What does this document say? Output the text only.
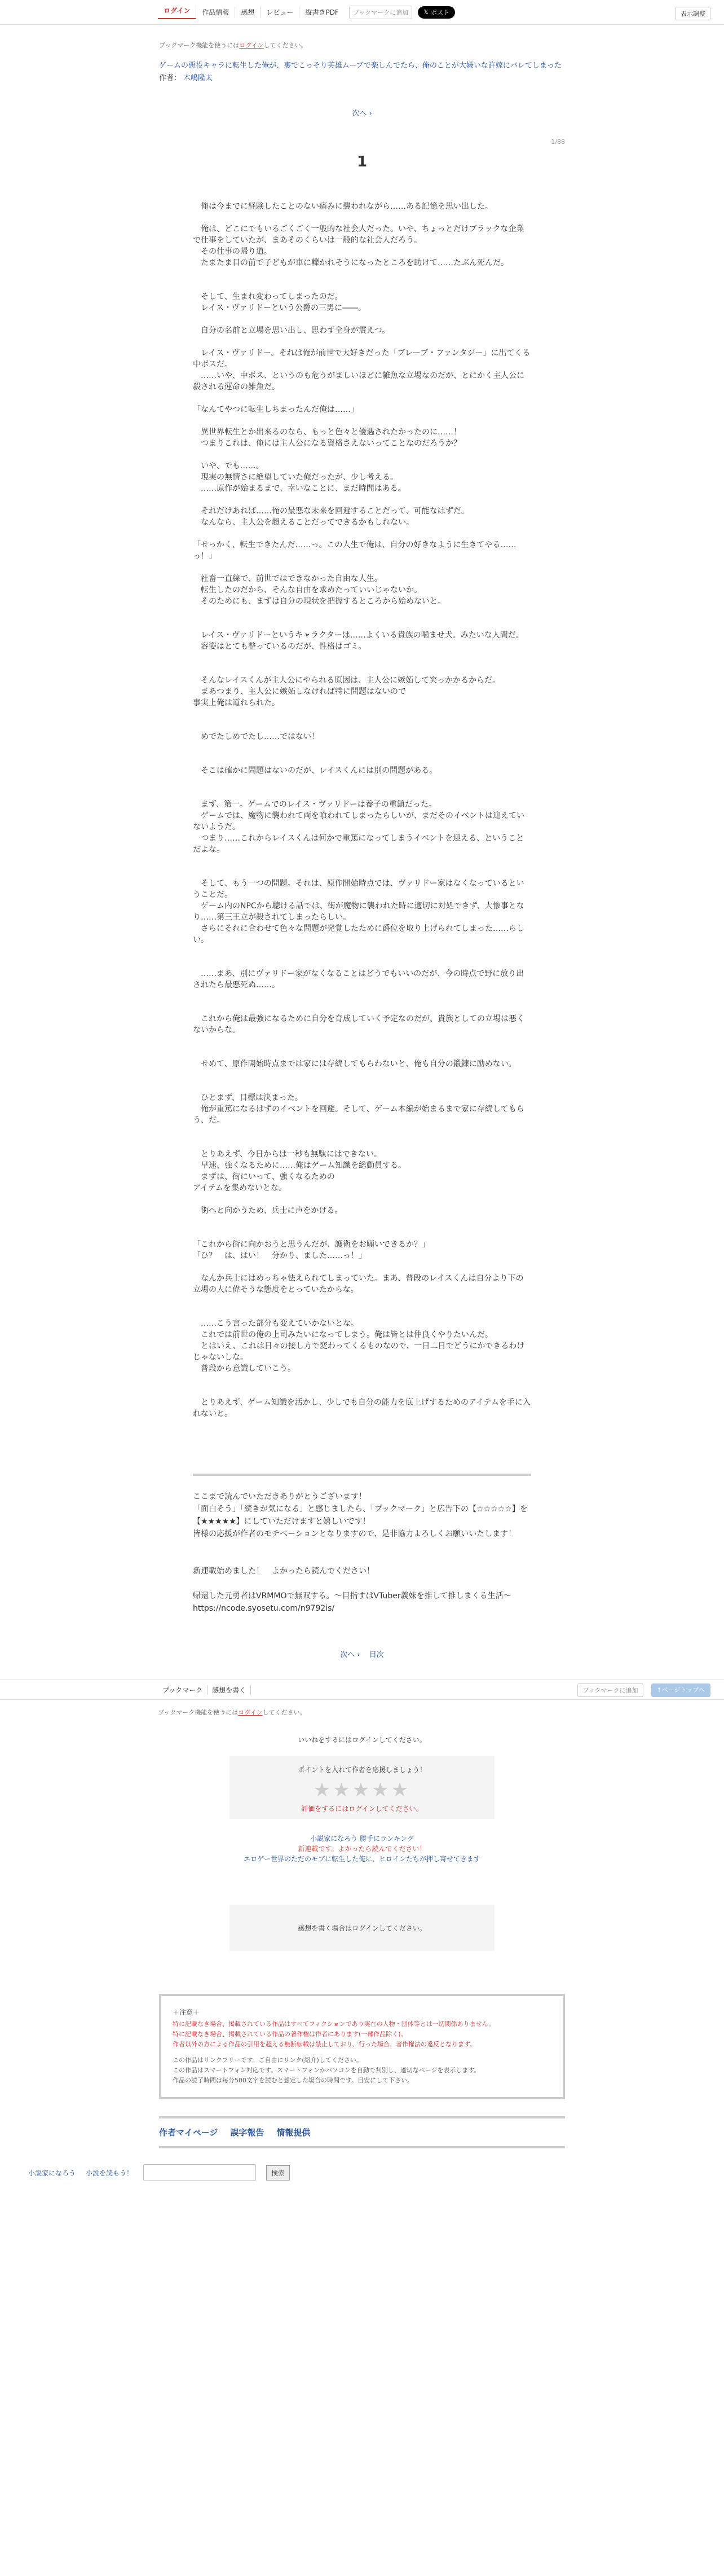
ログイン	作品情報	感想	レビュー	縦書きPDF	ブックマークに追加	𝕏 ポスト	表示調整
ブックマーク機能を使うにはログインしてください。
ゲームの悪役キャラに転生した俺が、裏でこっそり英雄ムーブで楽しんでたら、俺のことが大嫌いな許嫁にバレてしまった
作者： 木嶋隆太
次へ ›
1/88
1

　俺は今までに経験したことのない痛みに襲われながら……ある記憶を思い出した。

　俺は、どこにでもいるごくごく一般的な社会人だった。いや、ちょっとだけブラックな企業で仕事をしていたが、まあそのくらいは一般的な社会人だろう。

　その仕事の帰り道。

　たまたま目の前で子どもが車に轢かれそうになったところを助けて……たぶん死んだ。

　そして、生まれ変わってしまったのだ。

　レイス・ヴァリドーという公爵の三男に――。

　自分の名前と立場を思い出し、思わず全身が震えつ。

　レイス・ヴァリドー。それは俺が前世で大好きだった「ブレーブ・ファンタジー」に出てくる中ボスだ。

　……いや、中ボス、というのも危うがましいほどに雑魚な立場なのだが、とにかく主人公に殺される運命の雑魚だ。

「なんてやつに転生しちまったんだ俺は……」

　異世界転生とか出来るのなら、もっと色々と優遇されたかったのに……！

　つまりこれは、俺には主人公になる資格さえないってことなのだろうか？

　いや、でも……。

　現実の無情さに絶望していた俺だったが、少し考える。

　……原作が始まるまで、幸いなことに、まだ時間はある。

　それだけあれば……俺の最悪な未来を回避することだって、可能なはずだ。

　なんなら、主人公を超えることだってできるかもしれない。

「せっかく、転生できたんだ……っ。この人生で俺は、自分の好きなように生きてやる……っ！」

　社畜一直線で、前世ではできなかった自由な人生。

　転生したのだから、そんな自由を求めたっていいじゃないか。

　そのためにも、まずは自分の現状を把握するところから始めないと。

　レイス・ヴァリドーというキャラクターは……よくいる貴族の噛ませ犬。みたいな人間だ。

　容姿はとても整っているのだが、性格はゴミ。

　そんなレイスくんが主人公にやられる原因は、主人公に嫉妬して突っかかるからだ。

　まあつまり、主人公に嫉妬しなければ特に問題はないので

事実上俺は道れられた。

　めでたしめでたし……ではない！

　そこは確かに問題はないのだが、レイスくんには別の問題がある。

　まず、第一。ゲームでのレイス・ヴァリドーは養子の重鎮だった。

　ゲームでは、魔物に襲われて両を喰われてしまったらしいが、まだそのイベントは迎えていないようだ。

　つまり……これからレイスくんは何かで重篤になってしまうイベントを迎える、ということだよな。

　そして、もう一つの問題。それは、原作開始時点では、ヴァリドー家はなくなっているということだ。

　ゲーム内のNPCから聴ける話では、街が魔物に襲われた時に適切に対処できず、大惨事となり……第三王立が殺されてしまったらしい。

　さらにそれに合わせて色々な問題が発覚したために爵位を取り上げられてしまった……らしい。

　……まあ、別にヴァリドー家がなくなることはどうでもいいのだが、今の時点で野に放り出されたら最悪死ぬ……。

　これから俺は最強になるために自分を育成していく予定なのだが、貴族としての立場は悪くないからな。

　せめて、原作開始時点までは家には存続してもらわないと、俺も自分の鍛錬に励めない。

　ひとまず、目標は決まった。

　俺が重篤になるはずのイベントを回避。そして、ゲーム本編が始まるまで家に存続してもらう、だ。

　とりあえず、今日からは一秒も無駄にはできない。

　早速、強くなるために……俺はゲーム知識を総動員する。

　まずは、街にいって、強くなるための

アイテムを集めないとな。

　街へと向かうため、兵士に声をかける。

「これから街に向かおうと思うんだが、護衛をお願いできるか？」

「ひ？　は、はい！　分かり、ました……っ！」

　なんか兵士にはめっちゃ怯えられてしまっていた。まあ、普段のレイスくんは自分より下の立場の人に偉そうな態度をとっていたからな。

　……こう言った部分も変えていかないとな。

　これでは前世の俺の上司みたいになってしまう。俺は皆とは仲良くやりたいんだ。

　とはいえ、これは日々の接し方で変わってくるものなので、一日二日でどうにかできるわけじゃないしな。

　普段から意識していこう。

　とりあえず、ゲーム知識を活かし、少しでも自分の能力を底上げするためのアイテムを手に入れないと。

ここまで読んでいただきありがとうございます！

「面白そう」「続きが気になる」と感じましたら、「ブックマーク」と広告下の【☆☆☆☆☆】を【★★★★★】にしていただけますと嬉しいです！

皆様の応援が作者のモチベーションとなりますので、是非協力よろしくお願いいたします！

新連載始めました！　よかったら読んでください！

帰還した元勇者はVRMMOで無双する。〜目指すはVTuber義妹を推して推しまくる生活〜

https://ncode.syosetu.com/n9792is/

次へ › 目次
ブックマーク	感想を書く	ブックマークに追加	↑ページトップへ
ブックマーク機能を使うにはログインしてください。
いいねをするにはログインしてください。
ポイントを入れて作者を応援しましょう！
★★★★★
評価をするにはログインしてください。
小説家になろう 勝手にランキング
新連載です。よかったら読んでください！
エロゲー世界のただのモブに転生した俺に、ヒロインたちが押し寄せてきます
感想を書く場合はログインしてください。
＋注意＋
特に記載なき場合、掲載されている作品はすべてフィクションであり実在の人物・団体等とは一切関係ありません。
特に記載なき場合、掲載されている作品の著作権は作者にあります(一部作品除く)。
作者以外の方による作品の引用を超える無断転載は禁止しており、行った場合、著作権法の違反となります。
この作品はリンクフリーです。ご自由にリンク(紹介)してください。
この作品はスマートフォン対応です。スマートフォンかパソコンを自動で判別し、適切なページを表示します。
作品の読了時間は毎分500文字を読むと想定した場合の時間です。目安にして下さい。
作者マイページ 誤字報告 情報提供
小説家になろう 小説を読もう！	検索
